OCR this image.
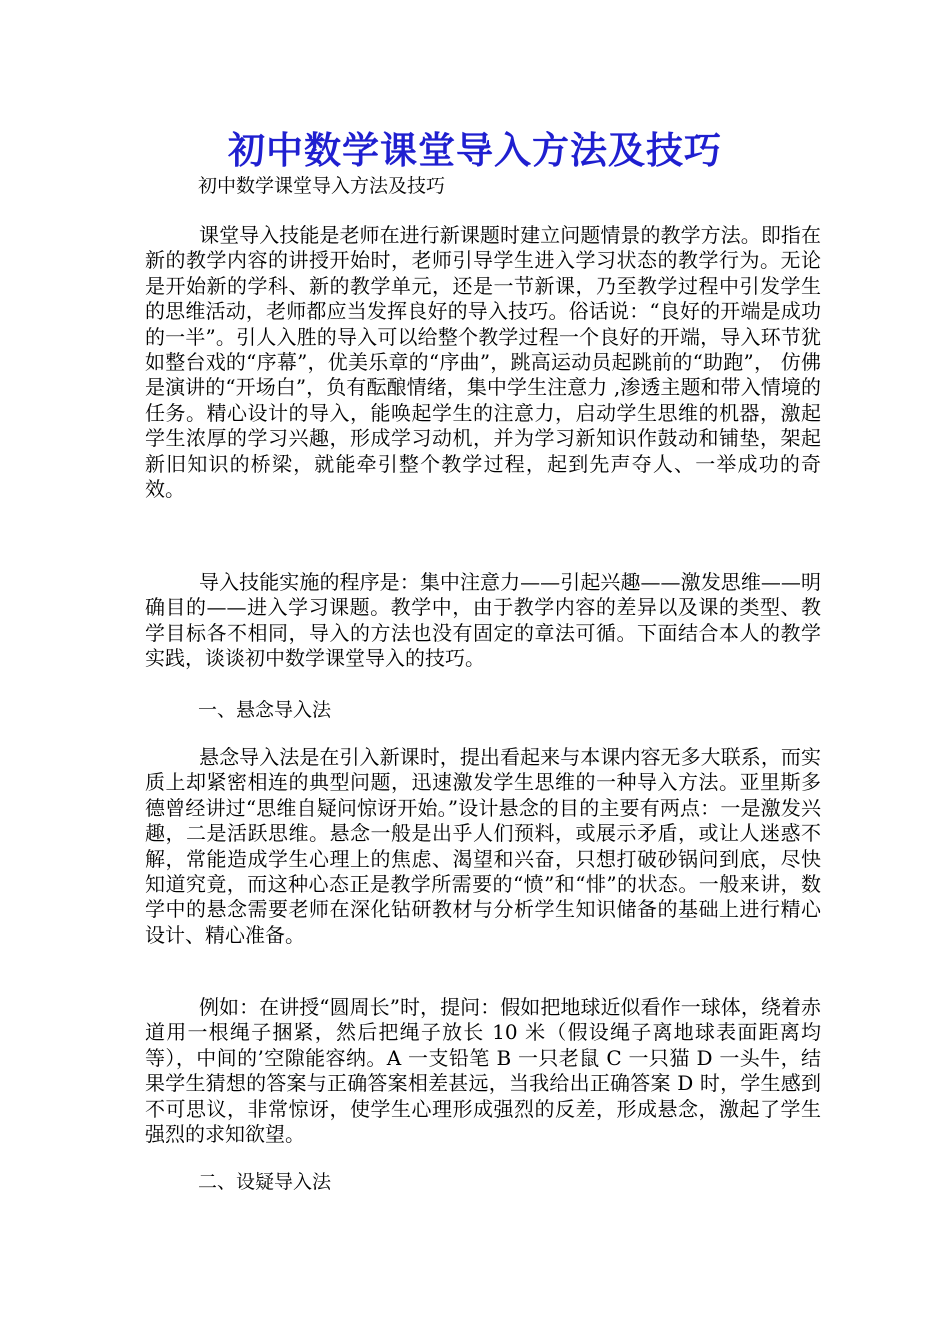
初中数学课堂导入方法及技巧

初中数学课堂导入方法及技巧

课堂导入技能是老师在进行新课题时建立问题情景的教学方法。即指在新的教学内容的讲授开始时，老师引导学生进入学习状态的教学行为。无论是开始新的学科、新的教学单元，还是一节新课，乃至教学过程中引发学生的思维活动，老师都应当发挥良好的导入技巧。俗话说：“良好的开端是成功的一半”。引人入胜的导入可以给整个教学过程一个良好的开端，导入环节犹如整台戏的“序幕”，优美乐章的“序曲”，跳高运动员起跳前的“助跑”， 仿佛是演讲的“开场白”，负有酝酿情绪，集中学生注意力 ,渗透主题和带入情境的任务。精心设计的导入，能唤起学生的注意力，启动学生思维的机器，激起学生浓厚的学习兴趣，形成学习动机，并为学习新知识作鼓动和铺垫，架起新旧知识的桥梁，就能牵引整个教学过程，起到先声夺人、一举成功的奇效。

导入技能实施的程序是：集中注意力——引起兴趣——激发思维——明确目的——进入学习课题。教学中，由于教学内容的差异以及课的类型、教学目标各不相同，导入的方法也没有固定的章法可循。下面结合本人的教学实践，谈谈初中数学课堂导入的技巧。

一、悬念导入法

悬念导入法是在引入新课时，提出看起来与本课内容无多大联系，而实质上却紧密相连的典型问题，迅速激发学生思维的一种导入方法。亚里斯多德曾经讲过“思维自疑问惊讶开始。”设计悬念的目的主要有两点：一是激发兴趣，二是活跃思维。悬念一般是出乎人们预料，或展示矛盾，或让人迷惑不解，常能造成学生心理上的焦虑、渴望和兴奋，只想打破砂锅问到底，尽快知道究竟，而这种心态正是教学所需要的“愤”和“悱”的状态。一般来讲，数学中的悬念需要老师在深化钻研教材与分析学生知识储备的基础上进行精心设计、精心准备。

例如：在讲授“圆周长”时，提问：假如把地球近似看作一球体，绕着赤道用一根绳子捆紧，然后把绳子放长 10 米（假设绳子离地球表面距离均等），中间的’空隙能容纳。A 一支铅笔 B 一只老鼠 C 一只猫 D 一头牛，结果学生猜想的答案与正确答案相差甚远，当我给出正确答案 D 时，学生感到不可思议，非常惊讶，使学生心理形成强烈的反差，形成悬念，激起了学生强烈的求知欲望。

二、设疑导入法
